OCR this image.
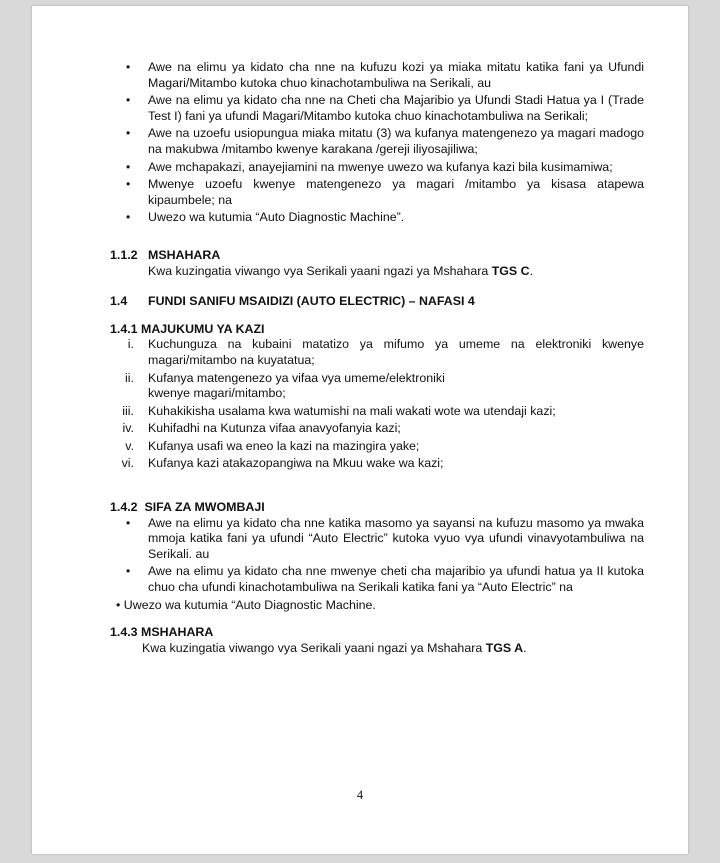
• Awe na elimu ya kidato cha nne na kufuzu kozi ya miaka mitatu katika fani ya Ufundi Magari/Mitambo kutoka chuo kinachotambuliwa na Serikali, au
• Awe na elimu ya kidato cha nne na Cheti cha Majaribio ya Ufundi Stadi Hatua ya I (Trade Test I) fani ya ufundi Magari/Mitambo kutoka chuo kinachotambuliwa na Serikali;
• Awe na uzoefu usiopungua miaka mitatu (3) wa kufanya matengenezo ya magari madogo na makubwa /mitambo kwenye karakana /gereji iliyosajiliwa;
• Awe mchapakazi, anayejiamini na mwenye uwezo wa kufanya kazi bila kusimamiwa;
• Mwenye uzoefu kwenye matengenezo ya magari /mitambo ya kisasa atapewa kipaumbele; na
• Uwezo wa kutumia “Auto Diagnostic Machine”.
1.1.2 MSHAHARA
Kwa kuzingatia viwango vya Serikali yaani ngazi ya Mshahara TGS C.
1.4 FUNDI SANIFU MSAIDIZI (AUTO ELECTRIC) – NAFASI 4
1.4.1 MAJUKUMU YA KAZI
i. Kuchunguza na kubaini matatizo ya mifumo ya umeme na elektroniki kwenye magari/mitambo na kuyatatua;
ii. Kufanya matengenezo ya vifaa vya umeme/elektroniki
kwenye magari/mitambo;
iii. Kuhakikisha usalama kwa watumishi na mali wakati wote wa utendaji kazi;
iv. Kuhifadhi na Kutunza vifaa anavyofanyia kazi;
v. Kufanya usafi wa eneo la kazi na mazingira yake;
vi. Kufanya kazi atakazopangiwa na Mkuu wake wa kazi;
1.4.2 SIFA ZA MWOMBAJI
• Awe na elimu ya kidato cha nne katika masomo ya sayansi na kufuzu masomo ya mwaka mmoja katika fani ya ufundi “Auto Electric” kutoka vyuo vya ufundi vinavyotambuliwa na Serikali. au
• Awe na elimu ya kidato cha nne mwenye cheti cha majaribio ya ufundi hatua ya II kutoka chuo cha ufundi kinachotambuliwa na Serikali katika fani ya “Auto Electric” na
• Uwezo wa kutumia “Auto Diagnostic Machine.
1.4.3 MSHAHARA
Kwa kuzingatia viwango vya Serikali yaani ngazi ya Mshahara TGS A.
4
